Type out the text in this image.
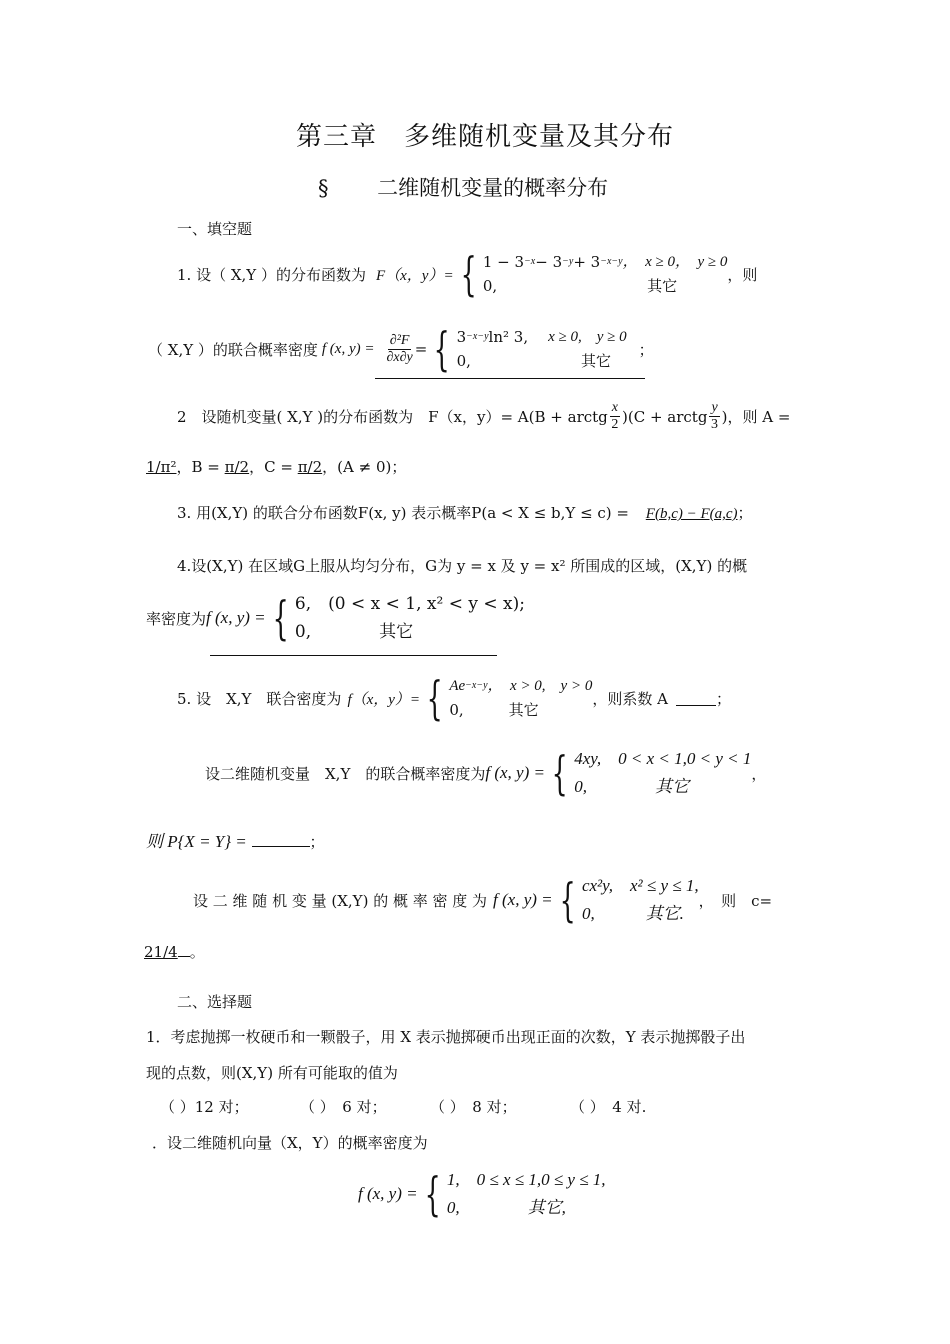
第三章　多维随机变量及其分布
§ 　　二维随机变量的概率分布
一、填空题
1. 设（ X,Y ）的分布函数为 F（x，y）= { 1 − 3 −x − 3 −y + 3 −x−y ，　x ≥ 0，　y ≥ 0
0,	其它
，则
（ X,Y ）的联合概率密度 f (x, $y) = \frac{\text{∂²F}}{\partial x\partial y}$ = { 3 −x−y ln² 3, x ≥ 0,　y ≥ 0
0,	其它
；
2　设随机变量( X,Y )的分布函数为　F（x，y）= A(B + arctg $\frac{x}{2} )(C$ + arctg $\frac{y}{3}$ )，则 A =
1/π²，B = π/2，C = π/2，(A ≠ 0)；
3. 用(X,Y) 的联合分布函数F(x, y) 表示概率P(a < X ≤ b,Y ≤ c) = F(b,c) − F(a,c)；
4.设(X,Y) 在区域G上服从均匀分布，G为 y = x 及 y = x² 所围成的区域，(X,Y) 的概
率密度为 f (x, y) = { 6,　(0 < x < 1, x² < y < x);
0,　　　　其它
5. 设　X,Y　联合密度为 f（x，y）= { Ae −x−y ，　x > 0,　y > 0
0,　　　其它
，则系数 A	；
设二维随机变量　X,Y　的联合概率密度为 f (x, y) = { 4xy,　0 < x < 1,0 < y < 1
0,　　　　其它
，
则 P{X = Y} =	；
设 二 维 随 机 变 量 (X,Y) 的 概 率 密 度 为 f (x, y) = { cx²y,　x² ≤ y ≤ 1,
0,　　　其它.
，　则　c=
21/4 。
二、选择题
1．考虑抛掷一枚硬币和一颗骰子，用 X 表示抛掷硬币出现正面的次数，Y 表示抛掷骰子出
现的点数，则(X,Y) 所有可能取的值为
（ ）12 对；	（ ）　6 对；	（ ）　8 对；	（ ）　4 对.
．设二维随机向量（X，Y）的概率密度为
f (x, y) = { 1,　0 ≤ x ≤ 1,0 ≤ y ≤ 1,
0,　　　　其它,
